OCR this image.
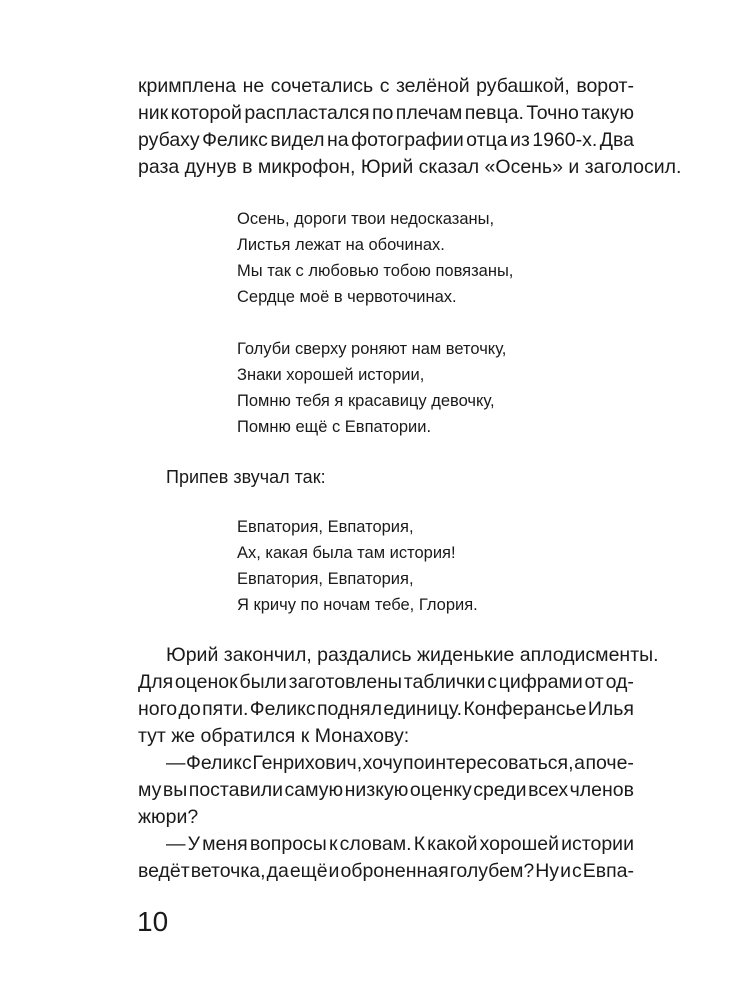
кримплена не сочетались с зелёной рубашкой, ворот-
ник которой распластался по плечам певца. Точно такую
рубаху Феликс видел на фотографии отца из 1960-х. Два
раза дунув в микрофон, Юрий сказал «Осень» и заголосил.
Осень, дороги твои недосказаны,
Листья лежат на обочинах.
Мы так с любовью тобою повязаны,
Сердце моё в червоточинах.
Голуби сверху роняют нам веточку,
Знаки хорошей истории,
Помню тебя я красавицу девочку,
Помню ещё с Евпатории.
Припев звучал так:
Евпатория, Евпатория,
Ах, какая была там история!
Евпатория, Евпатория,
Я кричу по ночам тебе, Глория.
Юрий закончил, раздались жиденькие аплодисменты.
Для оценок были заготовлены таблички с цифрами от од-
ного до пяти. Феликс поднял единицу. Конферансье Илья
тут же обратился к Монахову:
— Феликс Генрихович, хочу поинтересоваться, а поче-
му вы поставили самую низкую оценку среди всех членов
жюри?
— У меня вопросы к словам. К какой хорошей истории
ведёт веточка, да ещё и оброненная голубем? Ну и с Евпа-
10
